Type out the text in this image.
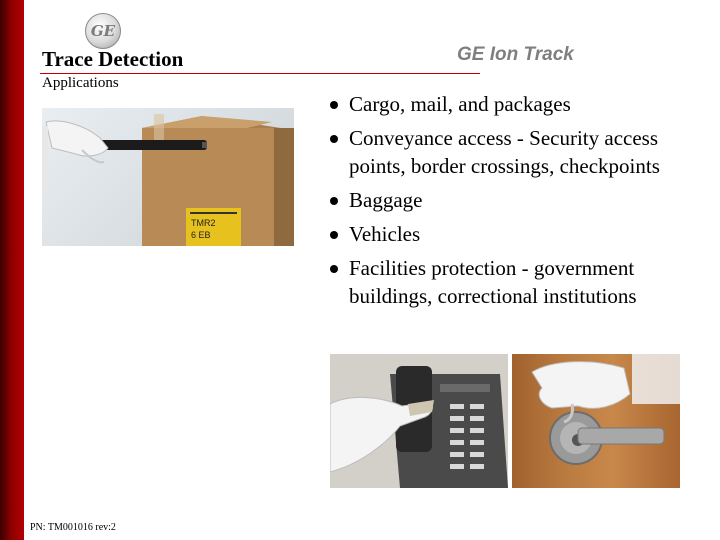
GE
Trace Detection	GE Ion Track
Applications
TMR2
6 EB
Cargo, mail, and packages
Conveyance access - Security access points, border crossings, checkpoints
Baggage
Vehicles
Facilities protection - government buildings, correctional institutions
PN: TM001016 rev:2
